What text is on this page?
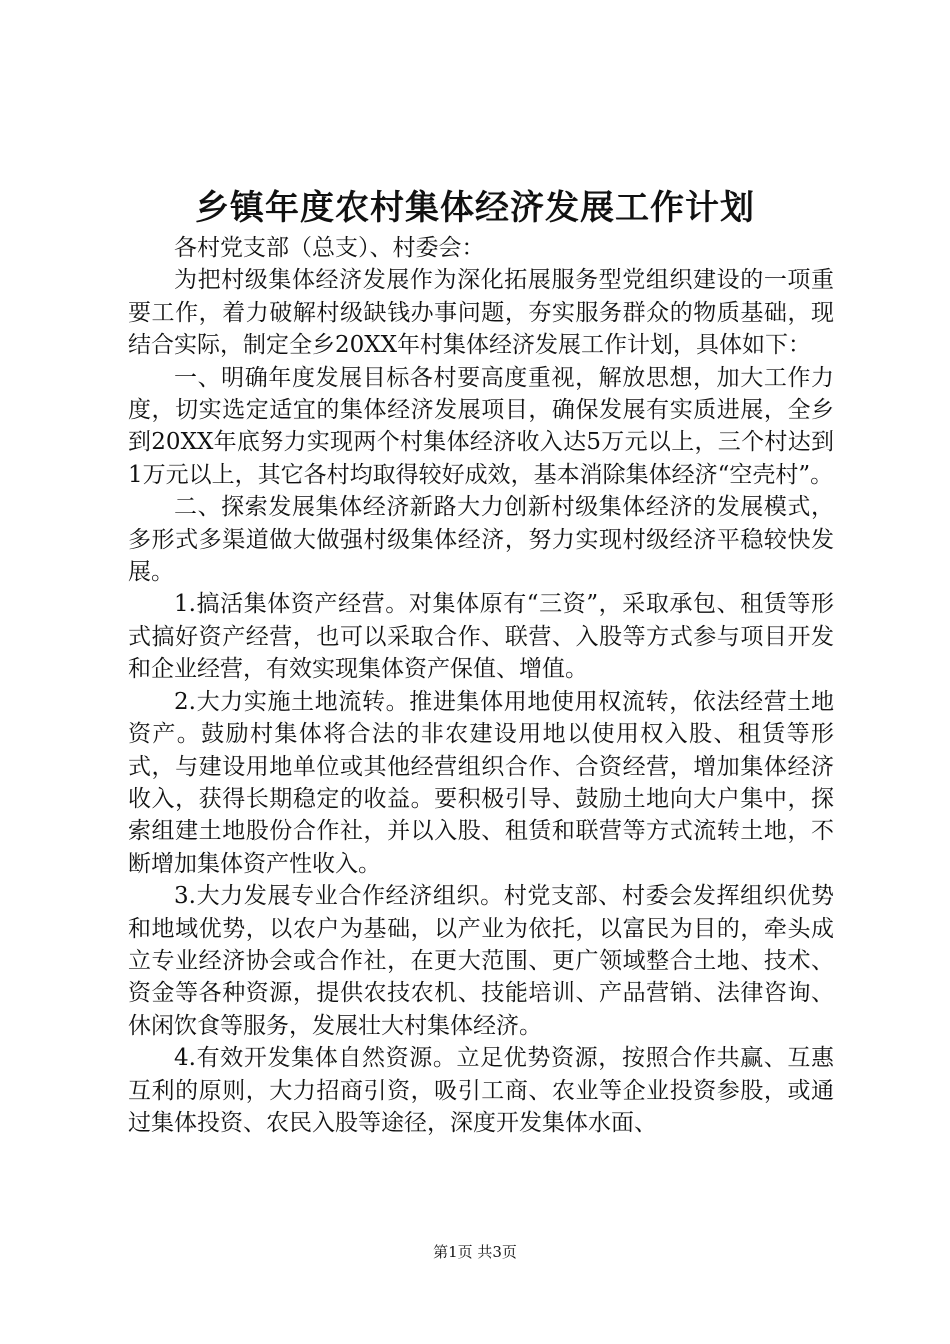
乡镇年度农村集体经济发展工作计划

各村党支部（总支）、村委会：

为把村级集体经济发展作为深化拓展服务型党组织建设的一项重要工作，着力破解村级缺钱办事问题，夯实服务群众的物质基础，现结合实际，制定全乡20XX年村集体经济发展工作计划，具体如下：

一、明确年度发展目标各村要高度重视，解放思想，加大工作力度，切实选定适宜的集体经济发展项目，确保发展有实质进展，全乡到20XX年底努力实现两个村集体经济收入达5万元以上，三个村达到1万元以上，其它各村均取得较好成效，基本消除集体经济“空壳村”。

二、探索发展集体经济新路大力创新村级集体经济的发展模式，多形式多渠道做大做强村级集体经济，努力实现村级经济平稳较快发展。

1.搞活集体资产经营。对集体原有“三资”，采取承包、租赁等形式搞好资产经营，也可以采取合作、联营、入股等方式参与项目开发和企业经营，有效实现集体资产保值、增值。

2.大力实施土地流转。推进集体用地使用权流转，依法经营土地资产。鼓励村集体将合法的非农建设用地以使用权入股、租赁等形式，与建设用地单位或其他经营组织合作、合资经营，增加集体经济收入，获得长期稳定的收益。要积极引导、鼓励土地向大户集中，探索组建土地股份合作社，并以入股、租赁和联营等方式流转土地，不断增加集体资产性收入。

3.大力发展专业合作经济组织。村党支部、村委会发挥组织优势和地域优势，以农户为基础，以产业为依托，以富民为目的，牵头成立专业经济协会或合作社，在更大范围、更广领域整合土地、技术、资金等各种资源，提供农技农机、技能培训、产品营销、法律咨询、休闲饮食等服务，发展壮大村集体经济。

4.有效开发集体自然资源。立足优势资源，按照合作共赢、互惠互利的原则，大力招商引资，吸引工商、农业等企业投资参股，或通过集体投资、农民入股等途径，深度开发集体水面、

第1页 共3页
